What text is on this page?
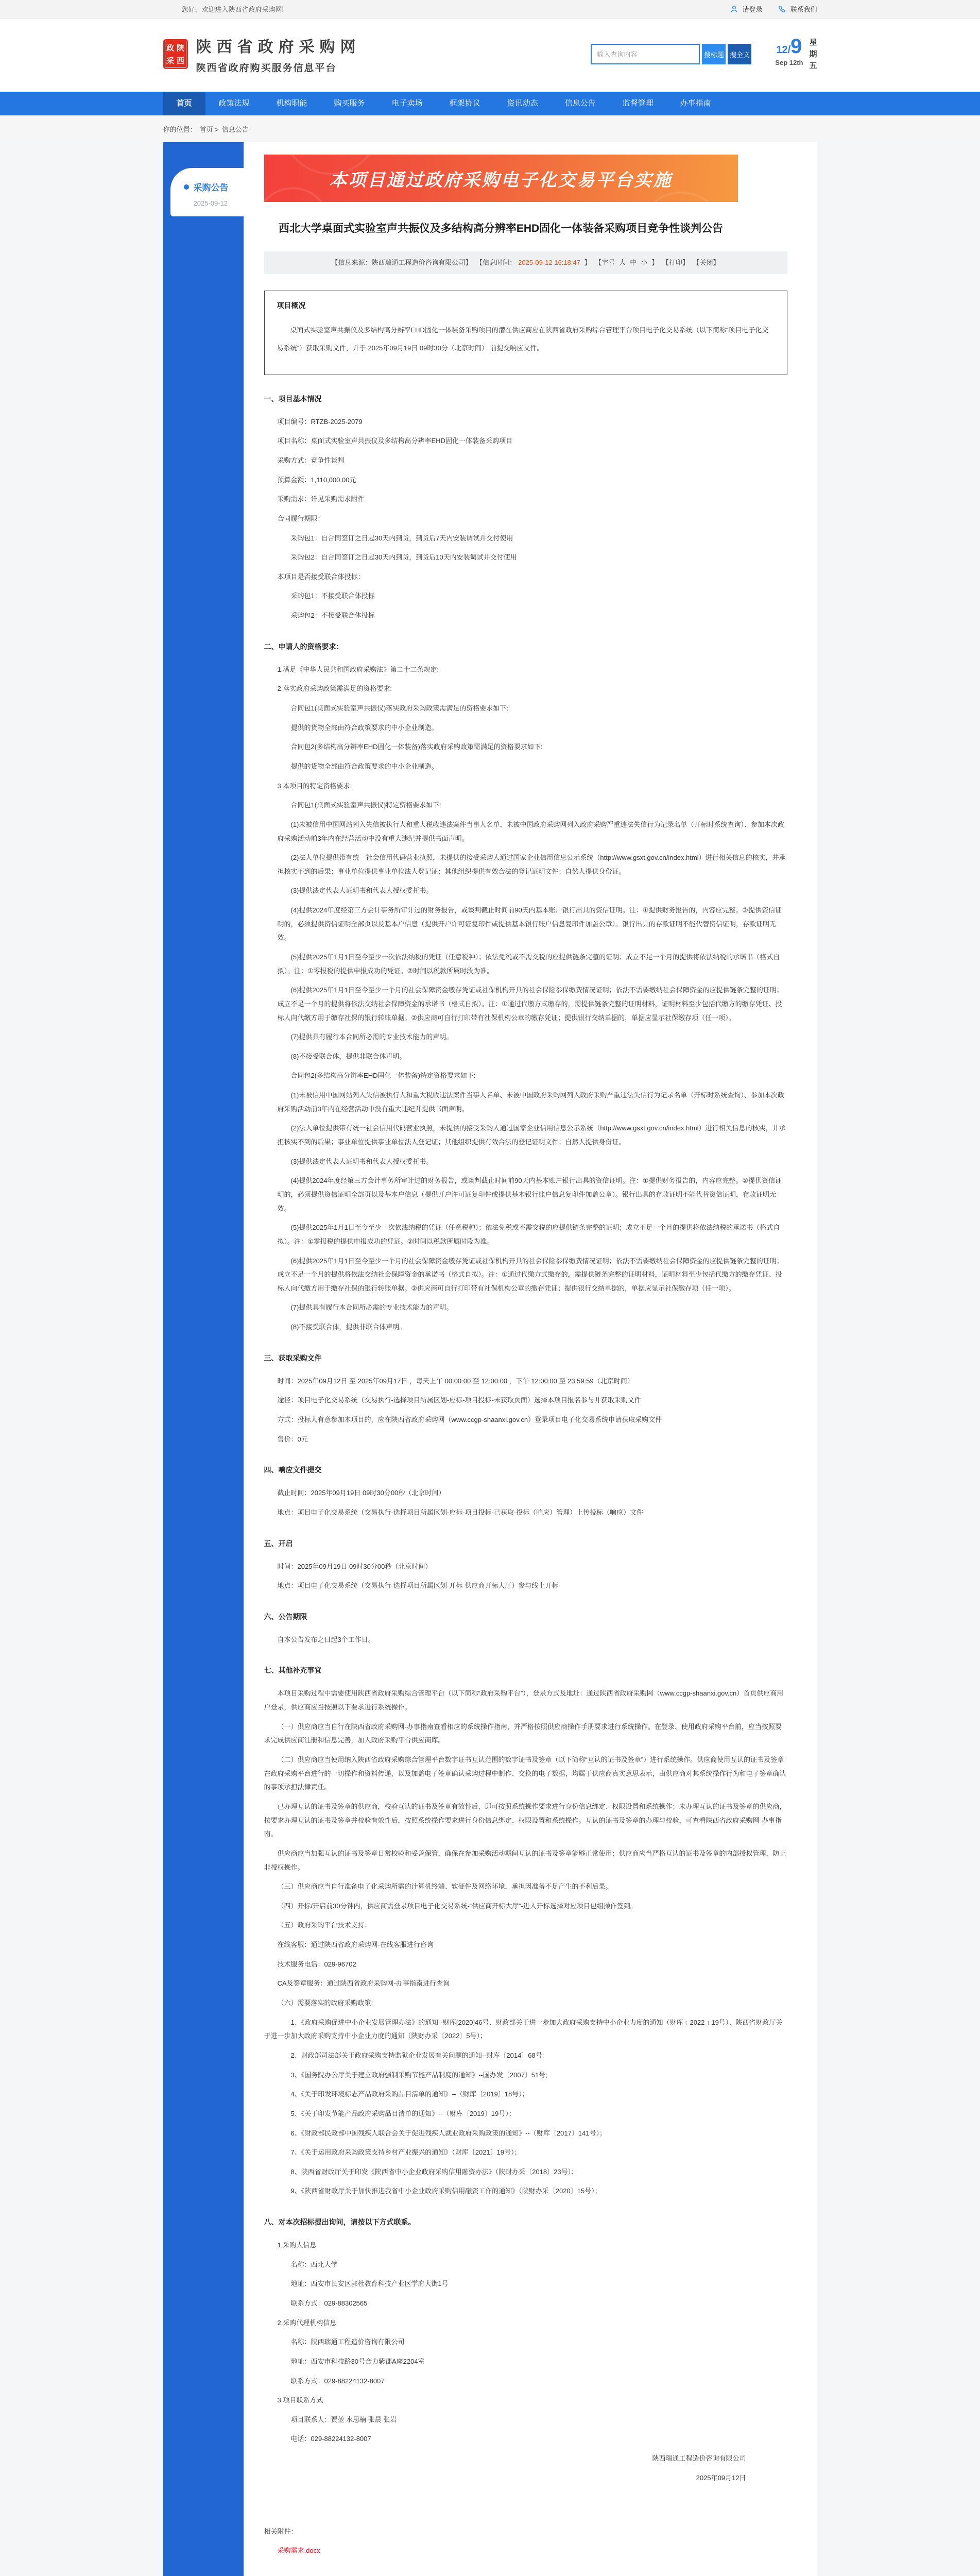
您好，欢迎进入陕西省政府采购网!	请登录	联系我们
政 陕
采 西
陕西省政府采购网
陕西省政府购买服务信息平台
输入查询内容
搜标题 搜全文	12/9
Sep 12th
星
期
五
首页	政策法规	机构职能	购买服务	电子卖场	框架协议	资讯动态	信息公告	监督管理	办事指南
你的位置： 首页 > 信息公告
采购公告
2025-09-12
本项目通过政府采购电子化交易平台实施
西北大学桌面式实验室声共振仪及多结构高分辨率EHD固化一体装备采购项目竞争性谈判公告
【信息来源：陕西瑞通工程造价咨询有限公司】 【信息时间： 2025-09-12 16:18:47 】 【字号 大 中 小 】 【打印】 【关闭】
项目概况
桌面式实验室声共振仪及多结构高分辨率EHD固化一体装备采购项目的潜在供应商应在陕西省政府采购综合管理平台项目电子化交易系统（以下简称“项目电子化交易系统”）获取采购文件，并于 2025年09月19日 09时30分（北京时间） 前提交响应文件。
一、项目基本情况
项目编号：RTZB-2025-2079
项目名称：桌面式实验室声共振仪及多结构高分辨率EHD固化一体装备采购项目
采购方式：竞争性谈判
预算金额：1,110,000.00元
采购需求：详见采购需求附件
合同履行期限：
采购包1：自合同签订之日起30天内到货，到货后7天内安装调试并交付使用
采购包2：自合同签订之日起30天内到货，到货后10天内安装调试并交付使用
本项目是否接受联合体投标：
采购包1：不接受联合体投标
采购包2：不接受联合体投标
二、申请人的资格要求：
1.满足《中华人民共和国政府采购法》第二十二条规定;
2.落实政府采购政策需满足的资格要求:
合同包1(桌面式实验室声共振仪)落实政府采购政策需满足的资格要求如下:
提供的货物全部由符合政策要求的中小企业制造。
合同包2(多结构高分辨率EHD固化一体装备)落实政府采购政策需满足的资格要求如下:
提供的货物全部由符合政策要求的中小企业制造。
3.本项目的特定资格要求:
合同包1(桌面式实验室声共振仪)特定资格要求如下:
(1)未被信用中国网站列入失信被执行人和重大税收违法案件当事人名单、未被中国政府采购网列入政府采购严重违法失信行为记录名单（开标时系统查询）、参加本次政府采购活动前3年内在经营活动中没有重大违纪并提供书面声明。
(2)法人单位提供带有统一社会信用代码营业执照，未提供的接受采购人通过国家企业信用信息公示系统（http://www.gsxt.gov.cn/index.html）进行相关信息的核实，并承担核实不到的后果；事业单位提供事业单位法人登记证；其他组织提供有效合法的登记证明文件；自然人提供身份证。
(3)提供法定代表人证明书和代表人授权委托书。
(4)提供2024年度经第三方会计事务所审计过的财务报告，或谈判截止时间前90天内基本账户银行出具的资信证明。注：①提供财务报告的，内容应完整。②提供资信证明的，必须提供资信证明全部页以及基本户信息（提供开户许可证复印件或提供基本银行账户信息复印件加盖公章）。银行出具的存款证明不能代替资信证明，存款证明无效。
(5)提供2025年1月1日至今至少一次依法纳税的凭证（任意税种）；依法免税或不需交税的应提供链条完整的证明；成立不足一个月的提供将依法纳税的承诺书（格式自拟）。注：①零报税的提供申报成功的凭证。②时间以税款所属时段为准。
(6)提供2025年1月1日至今至少一个月的社会保障资金缴存凭证或社保机构开具的社会保险参保缴费情况证明；依法不需要缴纳社会保障资金的应提供链条完整的证明；成立不足一个月的提供将依法交纳社会保障资金的承诺书（格式自拟）。注：①通过代缴方式缴存的，需提供链条完整的证明材料，证明材料至少包括代缴方的缴存凭证、投标人向代缴方用于缴存社保的银行转账单据。②供应商可自行打印带有社保机构公章的缴存凭证；提供银行交纳单据的，单据应显示社保缴存项（任一项）。
(7)提供具有履行本合同所必需的专业技术能力的声明。
(8)不接受联合体，提供非联合体声明。
合同包2(多结构高分辨率EHD固化一体装备)特定资格要求如下:
(1)未被信用中国网站列入失信被执行人和重大税收违法案件当事人名单、未被中国政府采购网列入政府采购严重违法失信行为记录名单（开标时系统查询）、参加本次政府采购活动前3年内在经营活动中没有重大违纪并提供书面声明。
(2)法人单位提供带有统一社会信用代码营业执照，未提供的接受采购人通过国家企业信用信息公示系统（http://www.gsxt.gov.cn/index.html）进行相关信息的核实，并承担核实不到的后果；事业单位提供事业单位法人登记证；其他组织提供有效合法的登记证明文件；自然人提供身份证。
(3)提供法定代表人证明书和代表人授权委托书。
(4)提供2024年度经第三方会计事务所审计过的财务报告，或谈判截止时间前90天内基本账户银行出具的资信证明。注：①提供财务报告的，内容应完整。②提供资信证明的，必须提供资信证明全部页以及基本户信息（提供开户许可证复印件或提供基本银行账户信息复印件加盖公章）。银行出具的存款证明不能代替资信证明，存款证明无效。
(5)提供2025年1月1日至今至少一次依法纳税的凭证（任意税种）；依法免税或不需交税的应提供链条完整的证明；成立不足一个月的提供将依法纳税的承诺书（格式自拟）。注：①零报税的提供申报成功的凭证。②时间以税款所属时段为准。
(6)提供2025年1月1日至今至少一个月的社会保障资金缴存凭证或社保机构开具的社会保险参保缴费情况证明；依法不需要缴纳社会保障资金的应提供链条完整的证明；成立不足一个月的提供将依法交纳社会保障资金的承诺书（格式自拟）。注：①通过代缴方式缴存的，需提供链条完整的证明材料，证明材料至少包括代缴方的缴存凭证、投标人向代缴方用于缴存社保的银行转账单据。②供应商可自行打印带有社保机构公章的缴存凭证；提供银行交纳单据的，单据应显示社保缴存项（任一项）。
(7)提供具有履行本合同所必需的专业技术能力的声明。
(8)不接受联合体，提供非联合体声明。
三、获取采购文件
时间：2025年09月12日 至 2025年09月17日 ，每天上午 00:00:00 至 12:00:00 ，下午 12:00:00 至 23:59:59（北京时间）
途径：项目电子化交易系统（交易执行-选择项目所属区划-应标-项目投标-未获取页面）选择本项目报名参与并获取采购文件
方式：投标人有意参加本项目的，应在陕西省政府采购网（www.ccgp-shaanxi.gov.cn）登录项目电子化交易系统申请获取采购文件
售价：0元
四、响应文件提交
截止时间：2025年09月19日 09时30分00秒（北京时间）
地点：项目电子化交易系统（交易执行-选择项目所属区划-应标-项目投标-已获取-投标（响应）管理）上传投标（响应）文件
五、开启
时间：2025年09月19日 09时30分00秒（北京时间）
地点：项目电子化交易系统（交易执行-选择项目所属区划-开标-供应商开标大厅）参与线上开标
六、公告期限
自本公告发布之日起3个工作日。
七、其他补充事宜
本项目采购过程中需要使用陕西省政府采购综合管理平台（以下简称“政府采购平台”），登录方式及地址：通过陕西省政府采购网（www.ccgp-shaanxi.gov.cn）首页供应商用户登录，供应商应当按照以下要求进行系统操作。
（一）供应商应当自行在陕西省政府采购网-办事指南查看相应的系统操作指南，并严格按照供应商操作手册要求进行系统操作。在登录、使用政府采购平台前，应当按照要求完成供应商注册和信息完善，加入政府采购平台供应商库。
（二）供应商应当使用纳入陕西省政府采购综合管理平台数字证书互认范围的数字证书及签章（以下简称“互认的证书及签章”）进行系统操作。供应商使用互认的证书及签章在政府采购平台进行的一切操作和资料传递，以及加盖电子签章确认采购过程中制作、交换的电子数据，均属于供应商真实意思表示，由供应商对其系统操作行为和电子签章确认的事项承担法律责任。
已办理互认的证书及签章的供应商，校验互认的证书及签章有效性后，即可按照系统操作要求进行身份信息绑定、权限设置和系统操作；未办理互认的证书及签章的供应商，按要求办理互认的证书及签章并校验有效性后，按照系统操作要求进行身份信息绑定、权限设置和系统操作。互认的证书及签章的办理与校验，可查看陕西省政府采购网-办事指南。
供应商应当加强互认的证书及签章日常校验和妥善保管，确保在参加采购活动期间互认的证书及签章能够正常使用；供应商应当严格互认的证书及签章的内部授权管理，防止非授权操作。
（三）供应商应当自行准备电子化采购所需的计算机终端、软硬件及网络环境，承担因准备不足产生的不利后果。
（四）开标/开启前30分钟内，供应商需登录项目电子化交易系统-“供应商开标大厅”-进入开标选择对应项目包组操作签到。
（五）政府采购平台技术支持：
在线客服：通过陕西省政府采购网-在线客服进行咨询
技术服务电话：029-96702
CA及签章服务：通过陕西省政府采购网-办事指南进行查询
（六）需要落实的政府采购政策:
1、《政府采购促进中小企业发展管理办法》的通知--财库[2020]46号、财政部关于进一步加大政府采购支持中小企业力度的通知（财库﹝2022﹞19号）、陕西省财政厅关于进一步加大政府采购支持中小企业力度的通知（陕财办采〔2022〕5号）；
2、财政部司法部关于政府采购支持监狱企业发展有关问题的通知--财库〔2014〕68号;
3、《国务院办公厅关于建立政府强制采购节能产品制度的通知》--国办发〔2007〕51号;
4、《关于印发环境标志产品政府采购品目清单的通知》--（财库〔2019〕18号）；
5、《关于印发节能产品政府采购品目清单的通知》--（财库〔2019〕19号）；
6、《财政部民政部中国残疾人联合会关于促进残疾人就业政府采购政策的通知》--（财库〔2017〕141号）；
7、《关于运用政府采购政策支持乡村产业振兴的通知》（财库〔2021〕19号）；
8、陕西省财政厅关于印发《陕西省中小企业政府采购信用融资办法》（陕财办采〔2018〕23号）；
9、《陕西省财政厅关于加快推进我省中小企业政府采购信用融资工作的通知》（陕财办采〔2020〕15号）；
八、对本次招标提出询问，请按以下方式联系。
1.采购人信息
名称：西北大学
地址：西安市长安区郭杜教育科技产业区学府大街1号
联系方式：029-88302565
2.采购代理机构信息
名称：陕西瑞通工程造价咨询有限公司
地址：西安市科技路30号合力紫郡A座2204室
联系方式：029-88224132-8007
3.项目联系方式
项目联系人：贾堃 水思楠 张晨 张岩
电话：029-88224132-8007
陕西瑞通工程造价咨询有限公司
2025年09月12日
相关附件：
采购需求.docx
